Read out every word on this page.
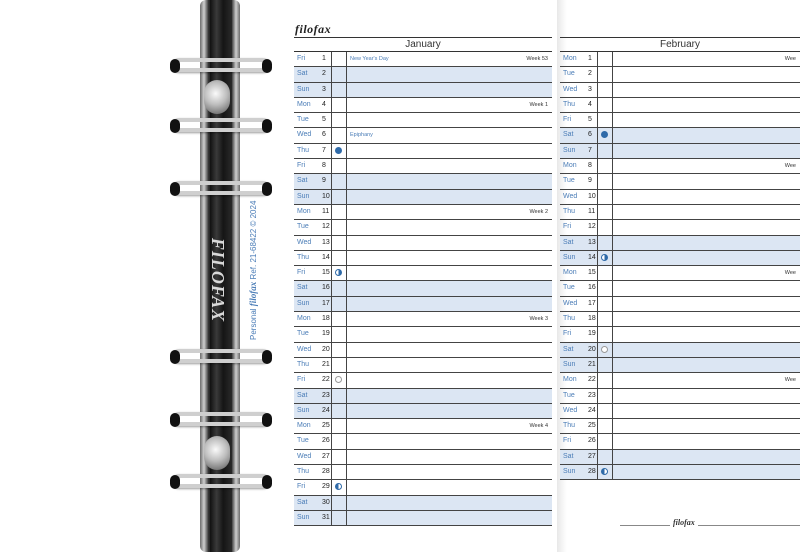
FILOFAX
Personal filofax Ref. 21-68422 © 2024
filofax
January
Fri 1	New Year's Day	Week 53
Sat 2
Sun 3
Mon 4	Week 1
Tue 5
Wed 6	Epiphany
Thu 7
Fri 8
Sat 9
Sun 10
Mon 11	Week 2
Tue 12
Wed 13
Thu 14
Fri 15
Sat 16
Sun 17
Mon 18	Week 3
Tue 19
Wed 20
Thu 21
Fri 22
Sat 23
Sun 24
Mon 25	Week 4
Tue 26
Wed 27
Thu 28
Fri 29
Sat 30
Sun 31
February
Mon 1	Wee
Tue 2
Wed 3
Thu 4
Fri 5
Sat 6
Sun 7
Mon 8	Wee
Tue 9
Wed 10
Thu 11
Fri 12
Sat 13
Sun 14
Mon 15	Wee
Tue 16
Wed 17
Thu 18
Fri 19
Sat 20
Sun 21
Mon 22	Wee
Tue 23
Wed 24
Thu 25
Fri 26
Sat 27
Sun 28
filofax
